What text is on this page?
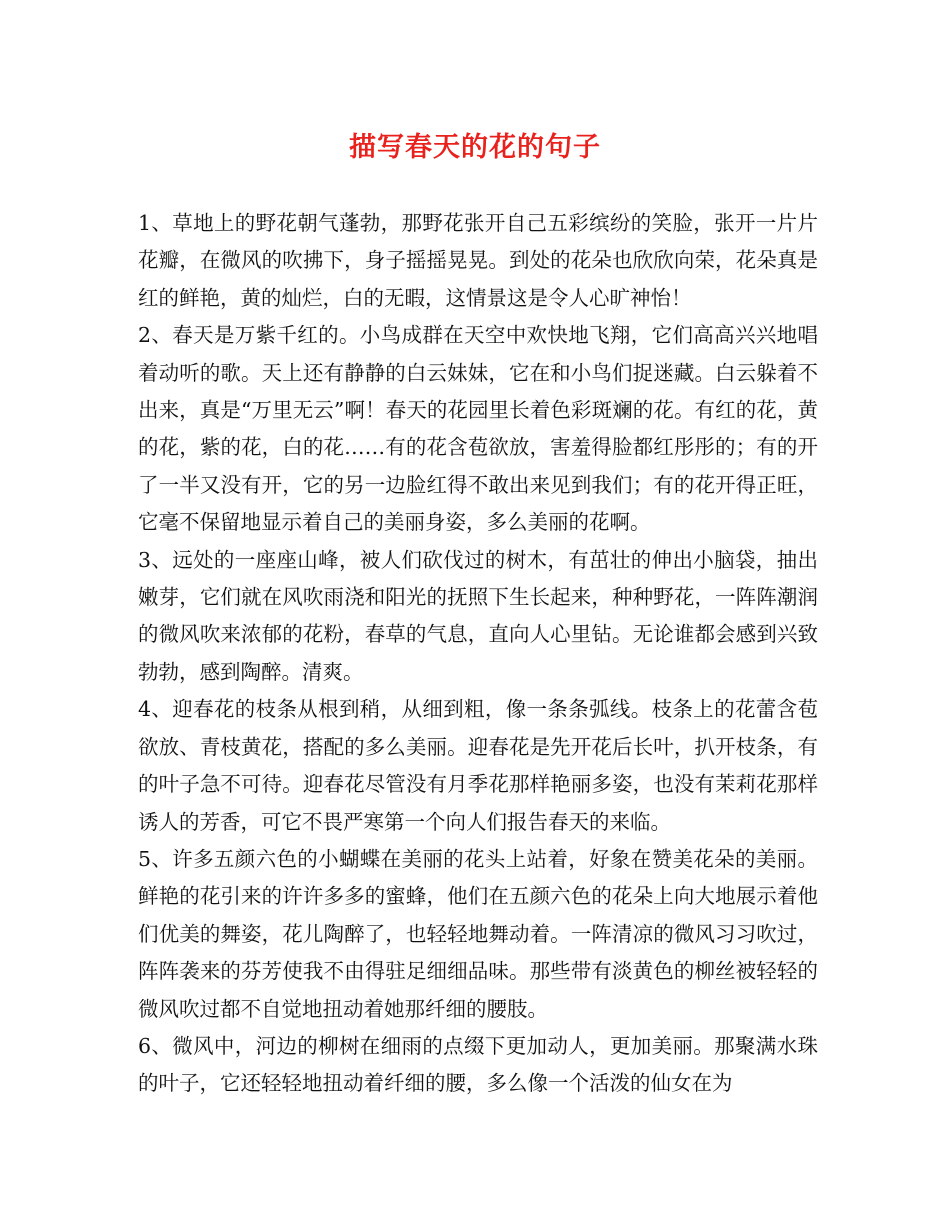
描写春天的花的句子

1、草地上的野花朝气蓬勃，那野花张开自己五彩缤纷的笑脸，张开一片片花瓣，在微风的吹拂下，身子摇摇晃晃。到处的花朵也欣欣向荣，花朵真是红的鲜艳，黄的灿烂，白的无暇，这情景这是令人心旷神怡！

2、春天是万紫千红的。小鸟成群在天空中欢快地飞翔，它们高高兴兴地唱着动听的歌。天上还有静静的白云妹妹，它在和小鸟们捉迷藏。白云躲着不出来，真是“万里无云”啊！春天的花园里长着色彩斑斓的花。有红的花，黄的花，紫的花，白的花……有的花含苞欲放，害羞得脸都红彤彤的；有的开了一半又没有开，它的另一边脸红得不敢出来见到我们；有的花开得正旺，它毫不保留地显示着自己的美丽身姿，多么美丽的花啊。

3、远处的一座座山峰，被人们砍伐过的树木，有茁壮的伸出小脑袋，抽出嫩芽，它们就在风吹雨浇和阳光的抚照下生长起来，种种野花，一阵阵潮润的微风吹来浓郁的花粉，春草的气息，直向人心里钻。无论谁都会感到兴致勃勃，感到陶醉。清爽。

4、迎春花的枝条从根到稍，从细到粗，像一条条弧线。枝条上的花蕾含苞欲放、青枝黄花，搭配的多么美丽。迎春花是先开花后长叶，扒开枝条，有的叶子急不可待。迎春花尽管没有月季花那样艳丽多姿，也没有茉莉花那样诱人的芳香，可它不畏严寒第一个向人们报告春天的来临。

5、许多五颜六色的小蝴蝶在美丽的花头上站着，好象在赞美花朵的美丽。鲜艳的花引来的许许多多的蜜蜂，他们在五颜六色的花朵上向大地展示着他们优美的舞姿，花儿陶醉了，也轻轻地舞动着。一阵清凉的微风习习吹过，阵阵袭来的芬芳使我不由得驻足细细品味。那些带有淡黄色的柳丝被轻轻的微风吹过都不自觉地扭动着她那纤细的腰肢。

6、微风中，河边的柳树在细雨的点缀下更加动人，更加美丽。那聚满水珠的叶子，它还轻轻地扭动着纤细的腰，多么像一个活泼的仙女在为
